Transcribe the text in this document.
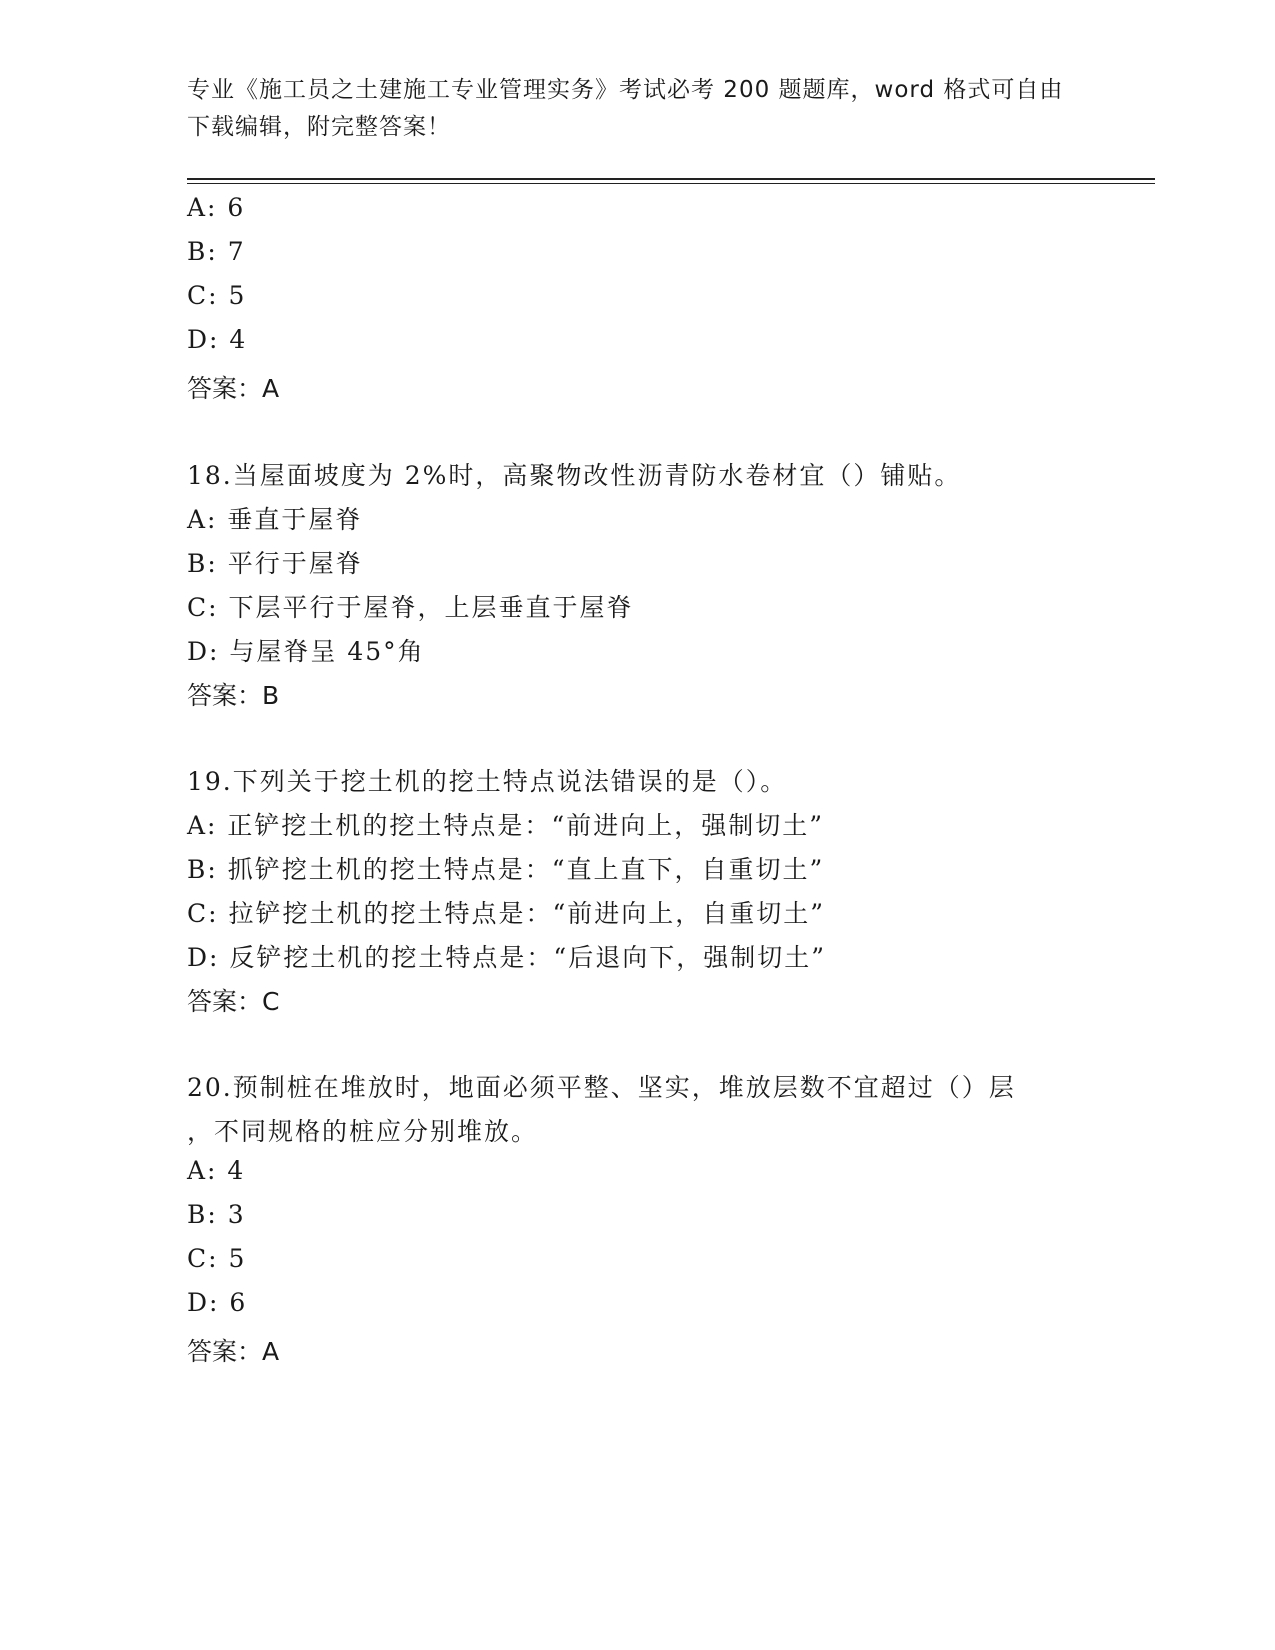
专业《施工员之土建施工专业管理实务》考试必考 200 题题库，word 格式可自由
下载编辑，附完整答案！
A: 6
B: 7
C: 5
D: 4
答案：A
18.当屋面坡度为 2%时，高聚物改性沥青防水卷材宜（）铺贴。
A: 垂直于屋脊
B: 平行于屋脊
C: 下层平行于屋脊，上层垂直于屋脊
D: 与屋脊呈 45°角
答案：B
19.下列关于挖土机的挖土特点说法错误的是（）。
A: 正铲挖土机的挖土特点是：“前进向上，强制切土”
B: 抓铲挖土机的挖土特点是：“直上直下，自重切土”
C: 拉铲挖土机的挖土特点是：“前进向上，自重切土”
D: 反铲挖土机的挖土特点是：“后退向下，强制切土”
答案：C
20.预制桩在堆放时，地面必须平整、坚实，堆放层数不宜超过（）层
，不同规格的桩应分别堆放。
A: 4
B: 3
C: 5
D: 6
答案：A
